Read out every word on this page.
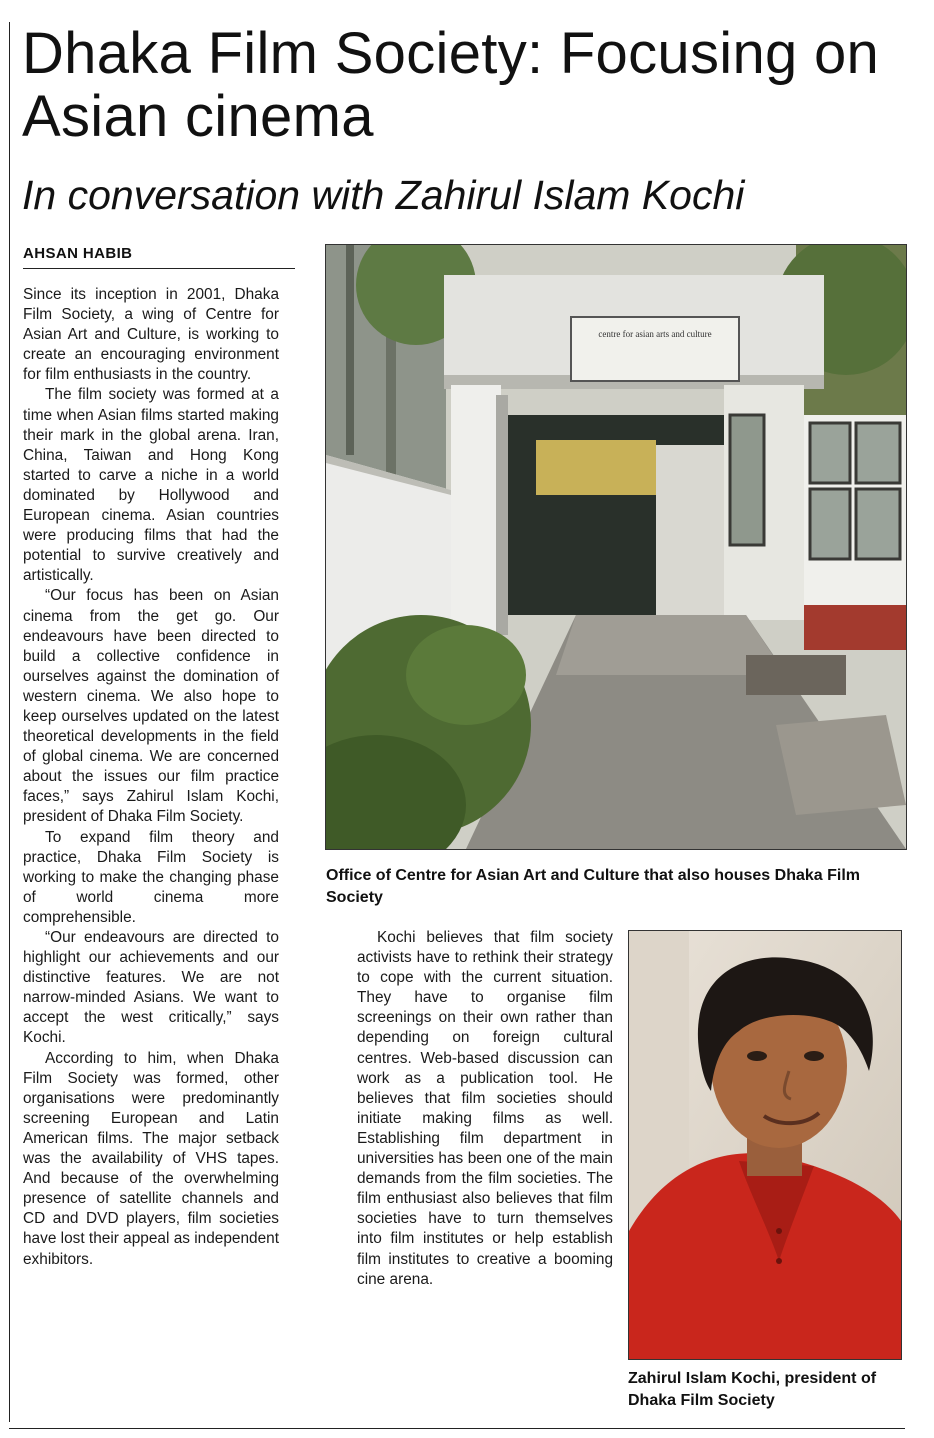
Dhaka Film Society: Focusing on Asian cinema
In conversation with Zahirul Islam Kochi
AHSAN HABIB

Since its inception in 2001, Dhaka Film Society, a wing of Centre for Asian Art and Culture, is working to create an encouraging environment for film enthusiasts in the country.

The film society was formed at a time when Asian films started making their mark in the global arena. Iran, China, Taiwan and Hong Kong started to carve a niche in a world dominated by Hollywood and European cinema. Asian countries were producing films that had the potential to survive creatively and artistically.

“Our focus has been on Asian cinema from the get go. Our endeavours have been directed to build a collective confidence in ourselves against the domination of western cinema. We also hope to keep ourselves updated on the latest theoretical developments in the field of global cinema. We are concerned about the issues our film practice faces,” says Zahirul Islam Kochi, president of Dhaka Film Society.

To expand film theory and practice, Dhaka Film Society is working to make the changing phase of world cinema more comprehensible.

“Our endeavours are directed to highlight our achievements and our distinctive features. We are not narrow-minded Asians. We want to accept the west critically,” says Kochi.

According to him, when Dhaka Film Society was formed, other organisations were predominantly screening European and Latin American films. The major setback was the availability of VHS tapes. And because of the overwhelming presence of satellite channels and CD and DVD players, film societies have lost their appeal as independent exhibitors.

centre for asian arts and culture
Office of Centre for Asian Art and Culture that also houses Dhaka Film Society

Kochi believes that film society activists have to rethink their strategy to cope with the current situation. They have to organise film screenings on their own rather than depending on foreign cultural centres. Web-based discussion can work as a publication tool. He believes that film societies should initiate making films as well. Establishing film department in universities has been one of the main demands from the film societies. The film enthusiast also believes that film societies have to turn themselves into film institutes or help establish film institutes to creative a booming cine arena.

Zahirul Islam Kochi, president of Dhaka Film Society
